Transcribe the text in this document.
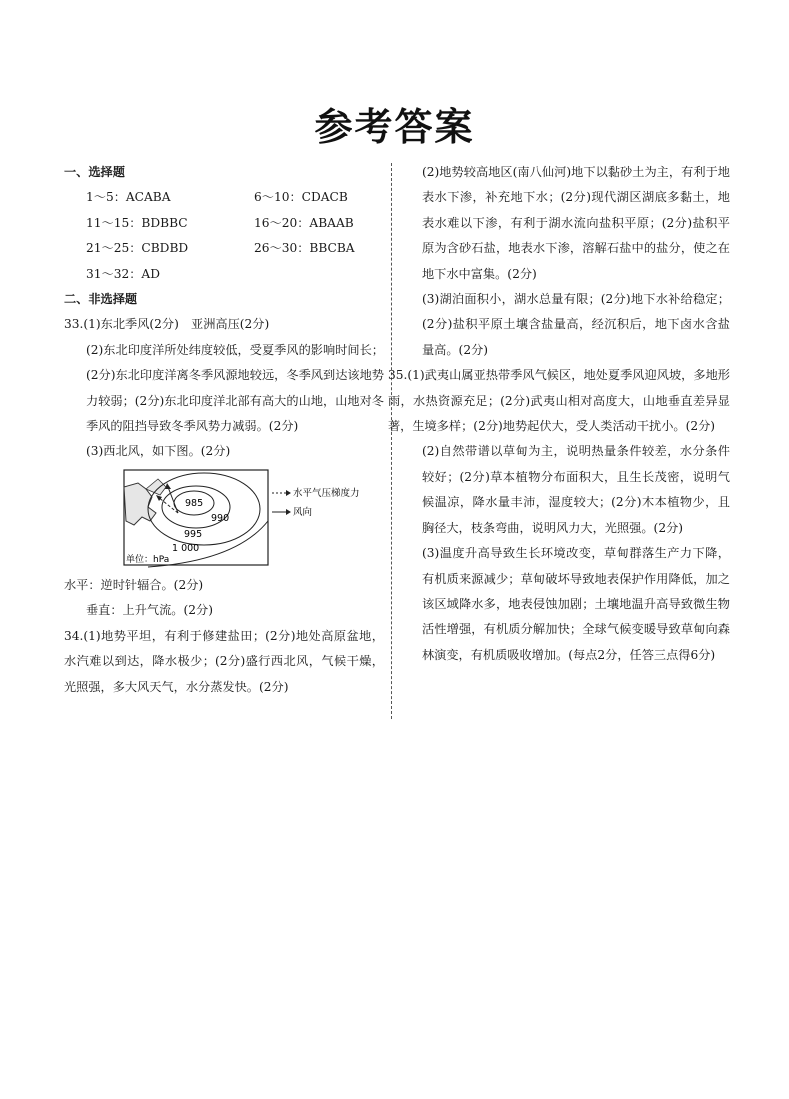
参考答案

一、选择题

1～5：ACABA	6～10：CDACB
11～15：BDBBC	16～20：ABAAB
21～25：CBDBD	26～30：BBCBA
31～32：AD

二、非选择题

33.(1)东北季风(2分)　亚洲高压(2分)

(2)东北印度洋所处纬度较低，受夏季风的影响时间长；(2分)东北印度洋离冬季风源地较远，冬季风到达该地势力较弱；(2分)东北印度洋北部有高大的山地，山地对冬季风的阻挡导致冬季风势力减弱。(2分)

(3)西北风，如下图。(2分)

985
990
995
1 000
单位：hPa
水平气压梯度力
风向

水平：逆时针辐合。(2分)

垂直：上升气流。(2分)

34.(1)地势平坦，有利于修建盐田；(2分)地处高原盆地，水汽难以到达，降水极少；(2分)盛行西北风，气候干燥，光照强，多大风天气，水分蒸发快。(2分)

(2)地势较高地区(南八仙河)地下以黏砂土为主，有利于地表水下渗，补充地下水；(2分)现代湖区湖底多黏土，地表水难以下渗，有利于湖水流向盐积平原；(2分)盐积平原为含砂石盐，地表水下渗，溶解石盐中的盐分，使之在地下水中富集。(2分)

(3)湖泊面积小，湖水总量有限；(2分)地下水补给稳定；(2分)盐积平原土壤含盐量高，经沉积后，地下卤水含盐量高。(2分)

35.(1)武夷山属亚热带季风气候区，地处夏季风迎风坡，多地形雨，水热资源充足；(2分)武夷山相对高度大，山地垂直差异显著，生境多样；(2分)地势起伏大，受人类活动干扰小。(2分)

(2)自然带谱以草甸为主，说明热量条件较差，水分条件较好；(2分)草本植物分布面积大，且生长茂密，说明气候温凉，降水量丰沛，湿度较大；(2分)木本植物少，且胸径大，枝条弯曲，说明风力大，光照强。(2分)

(3)温度升高导致生长环境改变，草甸群落生产力下降，有机质来源减少；草甸破坏导致地表保护作用降低，加之该区域降水多，地表侵蚀加剧；土壤地温升高导致微生物活性增强，有机质分解加快；全球气候变暖导致草甸向森林演变，有机质吸收增加。(每点2分，任答三点得6分)
